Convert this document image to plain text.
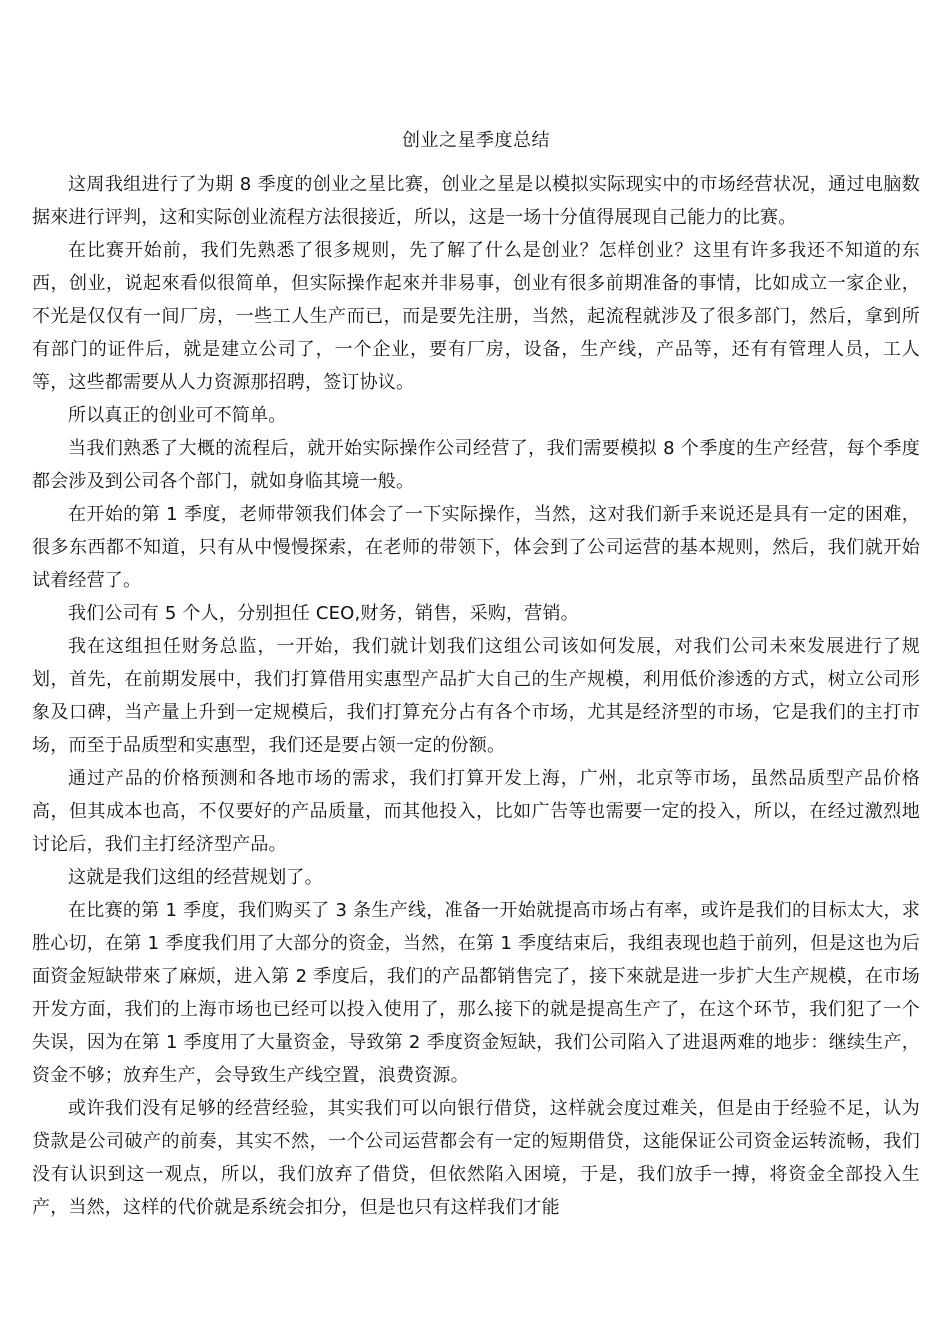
创业之星季度总结

这周我组进行了为期 8 季度的创业之星比赛，创业之星是以模拟实际现实中的市场经营状况，通过电脑数据來进行评判，这和实际创业流程方法很接近，所以，这是一场十分值得展现自己能力的比赛。

在比赛开始前，我们先熟悉了很多规则，先了解了什么是创业？怎样创业？这里有许多我还不知道的东西，创业，说起來看似很简单，但实际操作起來并非易事，创业有很多前期准备的事情，比如成立一家企业，不光是仅仅有一间厂房，一些工人生产而已，而是要先注册，当然，起流程就涉及了很多部门，然后，拿到所有部门的证件后，就是建立公司了，一个企业，要有厂房，设备，生产线，产品等，还有有管理人员，工人等，这些都需要从人力资源那招聘，签订协议。

所以真正的创业可不简单。

当我们熟悉了大概的流程后，就开始实际操作公司经营了，我们需要模拟 8 个季度的生产经营，每个季度都会涉及到公司各个部门，就如身临其境一般。

在开始的第 1 季度，老师带领我们体会了一下实际操作，当然，这对我们新手来说还是具有一定的困难，很多东西都不知道，只有从中慢慢探索，在老师的带领下，体会到了公司运营的基本规则，然后，我们就开始试着经营了。

我们公司有 5 个人，分别担任 CEO,财务，销售，采购，营销。

我在这组担任财务总监，一开始，我们就计划我们这组公司该如何发展，对我们公司未來发展进行了规划，首先，在前期发展中，我们打算借用实惠型产品扩大自己的生产规模，利用低价渗透的方式，树立公司形象及口碑，当产量上升到一定规模后，我们打算充分占有各个市场，尤其是经济型的市场，它是我们的主打市场，而至于品质型和实惠型，我们还是要占领一定的份额。

通过产品的价格预测和各地市场的需求，我们打算开发上海，广州，北京等市场，虽然品质型产品价格高，但其成本也高，不仅要好的产品质量，而其他投入，比如广告等也需要一定的投入，所以，在经过激烈地讨论后，我们主打经济型产品。

这就是我们这组的经营规划了。

在比赛的第 1 季度，我们购买了 3 条生产线，准备一开始就提高市场占有率，或许是我们的目标太大，求胜心切，在第 1 季度我们用了大部分的资金，当然，在第 1 季度结束后，我组表现也趋于前列，但是这也为后面资金短缺带來了麻烦，进入第 2 季度后，我们的产品都销售完了，接下來就是进一步扩大生产规模，在市场开发方面，我们的上海市场也已经可以投入使用了，那么接下的就是提高生产了，在这个环节，我们犯了一个失误，因为在第 1 季度用了大量资金，导致第 2 季度资金短缺，我们公司陷入了进退两难的地步：继续生产，资金不够；放弃生产，会导致生产线空置，浪费资源。

或许我们没有足够的经营经验，其实我们可以向银行借贷，这样就会度过难关，但是由于经验不足，认为贷款是公司破产的前奏，其实不然，一个公司运营都会有一定的短期借贷，这能保证公司资金运转流畅，我们没有认识到这一观点，所以，我们放弃了借贷，但依然陷入困境，于是，我们放手一搏，将资金全部投入生产，当然，这样的代价就是系统会扣分，但是也只有这样我们才能
